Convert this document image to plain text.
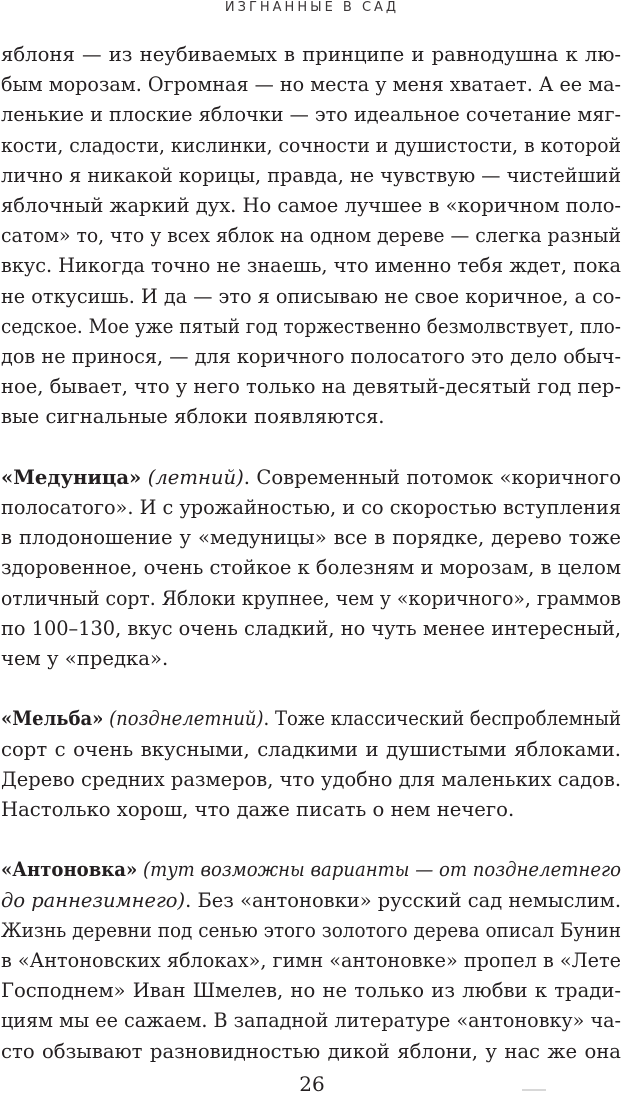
ИЗГНАННЫЕ В САД
яблоня — из неубиваемых в принципе и равнодушна к лю-
бым морозам. Огромная — но места у меня хватает. А ее ма-
ленькие и плоские яблочки — это идеальное сочетание мяг-
кости, сладости, кислинки, сочности и душистости, в которой
лично я никакой корицы, правда, не чувствую — чистейший
яблочный жаркий дух. Но самое лучшее в «коричном поло-
сатом» то, что у всех яблок на одном дереве — слегка разный
вкус. Никогда точно не знаешь, что именно тебя ждет, пока
не откусишь. И да — это я описываю не свое коричное, а со-
седское. Мое уже пятый год торжественно безмолвствует, пло-
дов не принося, — для коричного полосатого это дело обыч-
ное, бывает, что у него только на девятый-десятый год пер-
вые сигнальные яблоки появляются.
«Медуница» (летний). Современный потомок «коричного
полосатого». И с урожайностью, и со скоростью вступления
в плодоношение у «медуницы» все в порядке, дерево тоже
здоровенное, очень стойкое к болезням и морозам, в целом
отличный сорт. Яблоки крупнее, чем у «коричного», граммов
по 100–130, вкус очень сладкий, но чуть менее интересный,
чем у «предка».
«Мельба» (позднелетний). Тоже классический беспроблемный
сорт с очень вкусными, сладкими и душистыми яблоками.
Дерево средних размеров, что удобно для маленьких садов.
Настолько хорош, что даже писать о нем нечего.
«Антоновка» (тут возможны варианты — от позднелетнего
до раннезимнего). Без «антоновки» русский сад немыслим.
Жизнь деревни под сенью этого золотого дерева описал Бунин
в «Антоновских яблоках», гимн «антоновке» пропел в «Лете
Господнем» Иван Шмелев, но не только из любви к тради-
циям мы ее сажаем. В западной литературе «антоновку» ча-
сто обзывают разновидностью дикой яблони, у нас же она
26
